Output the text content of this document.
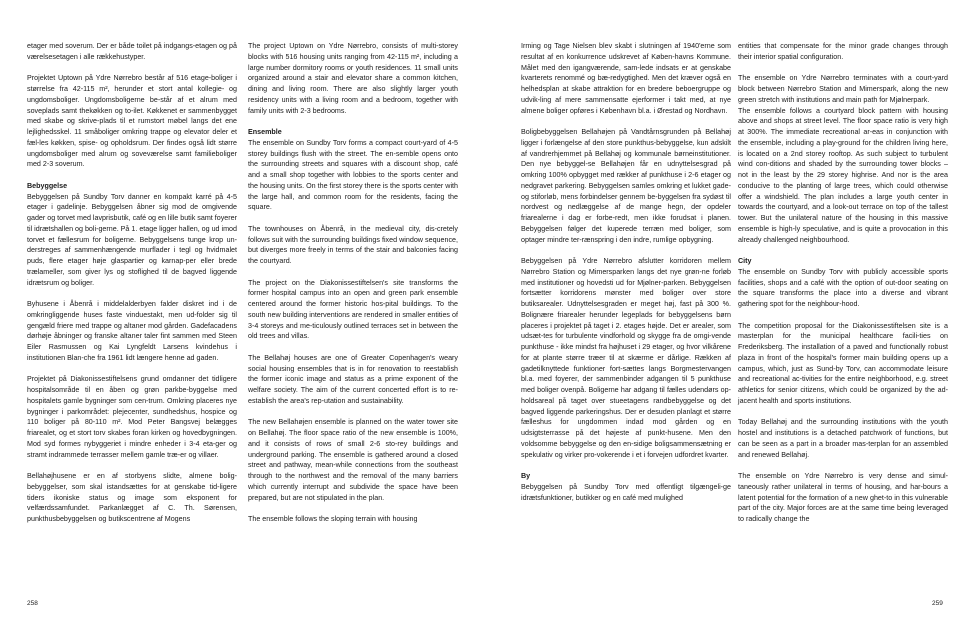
etager med soverum. Der er både toilet på indgangs-etagen og på værelsesetagen i alle rækkehustyper.

Projektet Uptown på Ydre Nørrebro består af 516 etage-boliger i størrelse fra 42-115 m², herunder et stort antal kollegie- og ungdomsboliger. Ungdomsboligerne be-står af et alrum med soveplads samt thekøkken og to-ilet. Køkkenet er sammenbygget med skabe og skrive-plads til et rumstort møbel langs det ene lejlighedsskel. 11 småboliger omkring trappe og elevator deler et fæl-les køkken, spise- og opholdsrum. Der findes også lidt større ungdomsboliger med alrum og soveværelse samt familieboliger med 2-3 soverum.

Bebyggelse

Bebyggelsen på Sundby Torv danner en kompakt karré på 4-5 etager i gadelinje. Bebyggelsen åbner sig mod de omgivende gader og torvet med lavprisbutik, café og en lille butik samt foyerer til idrætshallen og boli-gerne. På 1. etage ligger hallen, og ud imod torvet et fællesrum for boligerne. Bebyggelsens tunge krop un-derstreges af sammenhængende murflader i tegl og hvidmalet puds, flere etager høje glaspartier og karnap-per eller brede trælameller, som giver lys og stoflighed til de bagved liggende idrætsrum og boliger.

Byhusene i Åbenrå i middelalderbyen falder diskret ind i de omkringliggende huses faste vinduestakt, men ud-folder sig til gengæld friere med trappe og altaner mod gården. Gadefacadens dørhøje åbninger og franske altaner taler fint sammen med Steen Eiler Rasmussen og Kai Lyngfeldt Larsens kvindehus i institutionen Blan-che fra 1961 lidt længere henne ad gaden.

Projektet på Diakonissestiftelsens grund omdanner det tidligere hospitalsområde til en åben og grøn parkbe-byggelse med hospitalets gamle bygninger som cen-trum. Omkring placeres nye bygninger i parkområdet: plejecenter, sundhedshus, hospice og 110 boliger på 80-110 m². Mod Peter Bangsvej belægges friarealet, og et stort torv skabes foran kirken og hovedbygningen. Mod syd formes nybyggeriet i mindre enheder i 3-4 eta-ger og stramt indrammede terrasser mellem gamle træ-er og villaer.

Bellahøjhusene er en af storbyens slidte, almene bolig-bebyggelser, som skal istandsættes for at genskabe tid-ligere tiders ikoniske status og image som eksponent for velfærdssamfundet. Parkanlægget af C. Th. Sørensen, punkthusbebyggelsen og butikscentrene af Mogens

The project Uptown on Ydre Nørrebro, consists of multi-storey blocks with 516 housing units ranging from 42-115 m², including a large number dormitory rooms or youth residences. 11 small units organized around a stair and elevator share a common kitchen, dining and living room. There are also slightly larger youth residency units with a living room and a bedroom, together with family units with 2-3 bedrooms.

Ensemble

The ensemble on Sundby Torv forms a compact court-yard of 4-5 storey buildings flush with the street. The en-semble opens onto the surrounding streets and squares with a discount shop, café and a small shop together with lobbies to the sports center and the housing units. On the first storey there is the sports center with the large hall, and common room for the residents, facing the square.

The townhouses on Åbenrå, in the medieval city, dis-cretely follows suit with the surrounding buildings fixed window sequence, but diverges more freely in terms of the stair and balconies facing the courtyard.

The project on the Diakonissestiftelsen's site transforms the former hospital campus into an open and green park ensemble centered around the former historic hos-pital buildings. To the south new building interventions are rendered in smaller entities of 3-4 storeys and me-ticulously outlined terraces set in between the old trees and villas.

The Bellahøj houses are one of Greater Copenhagen's weary social housing ensembles that is in for renovation to reestablish the former iconic image and status as a prime exponent of the welfare society. The aim of the current concerted effort is to re-establish the area's rep-utation and sustainability.

The new Bellahøjen ensemble is planned on the water tower site on Bellahøj. The floor space ratio of the new ensemble is 100%, and it consists of rows of small 2-6 sto-rey buildings and underground parking. The ensemble is gathered around a closed street and pathway, mean-while connections from the southeast through to the northwest and the removal of the many barriers which currently interrupt and subdivide the space have been prepared, but are not stipulated in the plan.

The ensemble follows the sloping terrain with housing

258

Irming og Tage Nielsen blev skabt i slutningen af 1940'erne som resultat af en konkurrence udskrevet af Køben-havns Kommune. Målet med den igangværende, sam-lede indsats er at genskabe kvarterets renommé og bæ-redygtighed. Men det kræver også en helhedsplan at skabe attraktion for en bredere beboergruppe og udvik-ling af mere sammensatte ejerformer i takt med, at nye almene boliger opføres i København bl.a. i Ørestad og Nordhavn.

Boligbebyggelsen Bellahøjen på Vandtårnsgrunden på Bellahøj ligger i forlængelse af den store punkthus-bebyggelse, kun adskilt af vandrerhjemmet på Bellahøj og kommunale børneinstitutioner. Den nye bebyggel-se Bellahøjen får en udnyttelsesgrad på omkring 100% opbygget med rækker af punkthuse i 2-6 etager og nedgravet parkering. Bebyggelsen samles omkring et lukket gade- og stiforløb, mens forbindelser gennem be-byggelsen fra sydøst til nordvest og nedlæggelse af de mange hegn, der opdeler friarealerne i dag er forbe-redt, men ikke forudsat i planen. Bebyggelsen følger det kuperede terræn med boliger, som optager mindre ter-rænspring i den indre, rumlige opbygning.

Bebyggelsen på Ydre Nørrebro afslutter korridoren mellem Nørrebro Station og Mimersparken langs det nye grøn-ne forløb med institutioner og hovedsti ud for Mjølner-parken. Bebyggelsen fortsætter korridorens mønster med boliger over store butiksarealer. Udnyttelsesgraden er meget høj, fast på 300 %. Bolignære friarealer herunder legeplads for bebyggelsens børn placeres i projektet på taget i 2. etages højde. Det er arealer, som udsæt-tes for turbulente vindforhold og skygge fra de omgi-vende punkthuse - ikke mindst fra højhuset i 29 etager, og hvor vilkårene for at plante større træer til at skærme er dårlige. Rækken af gadetilknyttede funktioner fort-sættes langs Borgmestervangen bl.a. med foyerer, der sammenbinder adgangen til 5 punkthuse med boliger ovenpå. Boligerne har adgang til fælles udendørs op-holdsareal på taget over stueetagens randbebyggelse og det bagved liggende parkeringshus. Der er desuden planlagt et større fælleshus for ungdommen indad mod gården og en udsigtsterrasse på det højeste af punkt-husene. Men den voldsomme bebyggelse og den en-sidige boligsammensætning er spekulativ og virker pro-vokerende i et i forvejen udfordret kvarter.

By

Bebyggelsen på Sundby Torv med offentligt tilgængeli-ge idrætsfunktioner, butikker og en café med mulighed

entities that compensate for the minor grade changes through their interior spatial configuration.

The ensemble on Ydre Nørrebro terminates with a court-yard block between Nørrebro Station and Mimerspark, along the new green stretch with institutions and main path for Mjølnerpark.

The ensemble follows a courtyard block pattern with housing above and shops at street level. The floor space ratio is very high at 300%. The immediate recreational ar-eas in conjunction with the ensemble, including a play-ground for the children living here, is located on a 2nd storey rooftop. As such subject to turbulent wind con-ditions and shaded by the surrounding tower blocks – not in the least by the 29 storey highrise. And nor is the area conducive to the planting of large trees, which could otherwise offer a windshield. The plan includes a large youth center in towards the courtyard, and a look-out terrace on top of the tallest tower. But the unilateral nature of the housing in this massive ensemble is high-ly speculative, and is quite a provocation in this already challenged neighbourhood.

City

The ensemble on Sundby Torv with publicly accessible sports facilities, shops and a café with the option of out-door seating on the square transforms the place into a diverse and vibrant gathering spot for the neighbour-hood.

The competition proposal for the Diakonissestiftelsen site is a masterplan for the municipal healthcare facili-ties on Frederiksberg. The installation of a paved and functionally robust plaza in front of the hospital's former main building opens up a campus, which, just as Sund-by Torv, can accommodate leisure and recreational ac-tivities for the entire neighborhood, e.g. street athletics for senior citizens, which could be organized by the ad-jacent health and sports institutions.

Today Bellahøj and the surrounding institutions with the youth hostel and institutions is a detached patchwork of functions, but can be seen as a part in a broader mas-terplan for an assembled and renewed Bellahøj.

The ensemble on Ydre Nørrebro is very dense and simul-taneously rather unilateral in terms of housing, and har-bours a latent potential for the formation of a new ghet-to in this vulnerable part of the city. Major forces are at the same time being leveraged to radically change the

259
